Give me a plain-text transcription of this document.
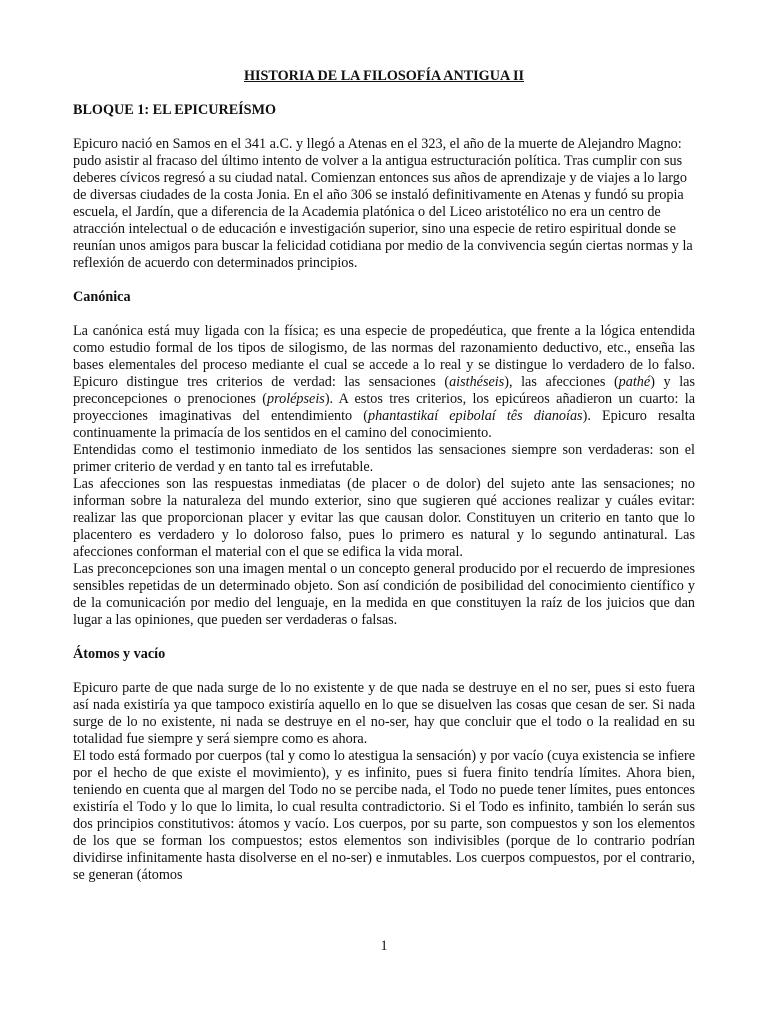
HISTORIA DE LA FILOSOFÍA ANTIGUA II
BLOQUE 1: EL EPICUREÍSMO

Epicuro nació en Samos en el 341 a.C. y llegó a Atenas en el 323, el año de la muerte de Alejandro Magno: pudo asistir al fracaso del último intento de volver a la antigua estructuración política. Tras cumplir con sus deberes cívicos regresó a su ciudad natal. Comienzan entonces sus años de aprendizaje y de viajes a lo largo de diversas ciudades de la costa Jonia. En el año 306 se instaló definitivamente en Atenas y fundó su propia escuela, el Jardín, que a diferencia de la Academia platónica o del Liceo aristotélico no era un centro de atracción intelectual o de educación e investigación superior, sino una especie de retiro espiritual donde se reunían unos amigos para buscar la felicidad cotidiana por medio de la convivencia según ciertas normas y la reflexión de acuerdo con determinados principios.

Canónica

La canónica está muy ligada con la física; es una especie de propedéutica, que frente a la lógica entendida como estudio formal de los tipos de silogismo, de las normas del razonamiento deductivo, etc., enseña las bases elementales del proceso mediante el cual se accede a lo real y se distingue lo verdadero de lo falso. Epicuro distingue tres criterios de verdad: las sensaciones (aisthéseis), las afecciones (pathé) y las preconcepciones o prenociones (prolépseis). A estos tres criterios, los epicúreos añadieron un cuarto: la proyecciones imaginativas del entendimiento (phantastikaí epibolaí tês dianoías). Epicuro resalta continuamente la primacía de los sentidos en el camino del conocimiento.

Entendidas como el testimonio inmediato de los sentidos las sensaciones siempre son verdaderas: son el primer criterio de verdad y en tanto tal es irrefutable.

Las afecciones son las respuestas inmediatas (de placer o de dolor) del sujeto ante las sensaciones; no informan sobre la naturaleza del mundo exterior, sino que sugieren qué acciones realizar y cuáles evitar: realizar las que proporcionan placer y evitar las que causan dolor. Constituyen un criterio en tanto que lo placentero es verdadero y lo doloroso falso, pues lo primero es natural y lo segundo antinatural. Las afecciones conforman el material con el que se edifica la vida moral.

Las preconcepciones son una imagen mental o un concepto general producido por el recuerdo de impresiones sensibles repetidas de un determinado objeto. Son así condición de posibilidad del conocimiento científico y de la comunicación por medio del lenguaje, en la medida en que constituyen la raíz de los juicios que dan lugar a las opiniones, que pueden ser verdaderas o falsas.

Átomos y vacío

Epicuro parte de que nada surge de lo no existente y de que nada se destruye en el no ser, pues si esto fuera así nada existiría ya que tampoco existiría aquello en lo que se disuelven las cosas que cesan de ser. Si nada surge de lo no existente, ni nada se destruye en el no-ser, hay que concluir que el todo o la realidad en su totalidad fue siempre y será siempre como es ahora.

El todo está formado por cuerpos (tal y como lo atestigua la sensación) y por vacío (cuya existencia se infiere por el hecho de que existe el movimiento), y es infinito, pues si fuera finito tendría límites. Ahora bien, teniendo en cuenta que al margen del Todo no se percibe nada, el Todo no puede tener límites, pues entonces existiría el Todo y lo que lo limita, lo cual resulta contradictorio. Si el Todo es infinito, también lo serán sus dos principios constitutivos: átomos y vacío. Los cuerpos, por su parte, son compuestos y son los elementos de los que se forman los compuestos; estos elementos son indivisibles (porque de lo contrario podrían dividirse infinitamente hasta disolverse en el no-ser) e inmutables. Los cuerpos compuestos, por el contrario, se generan (átomos

1
